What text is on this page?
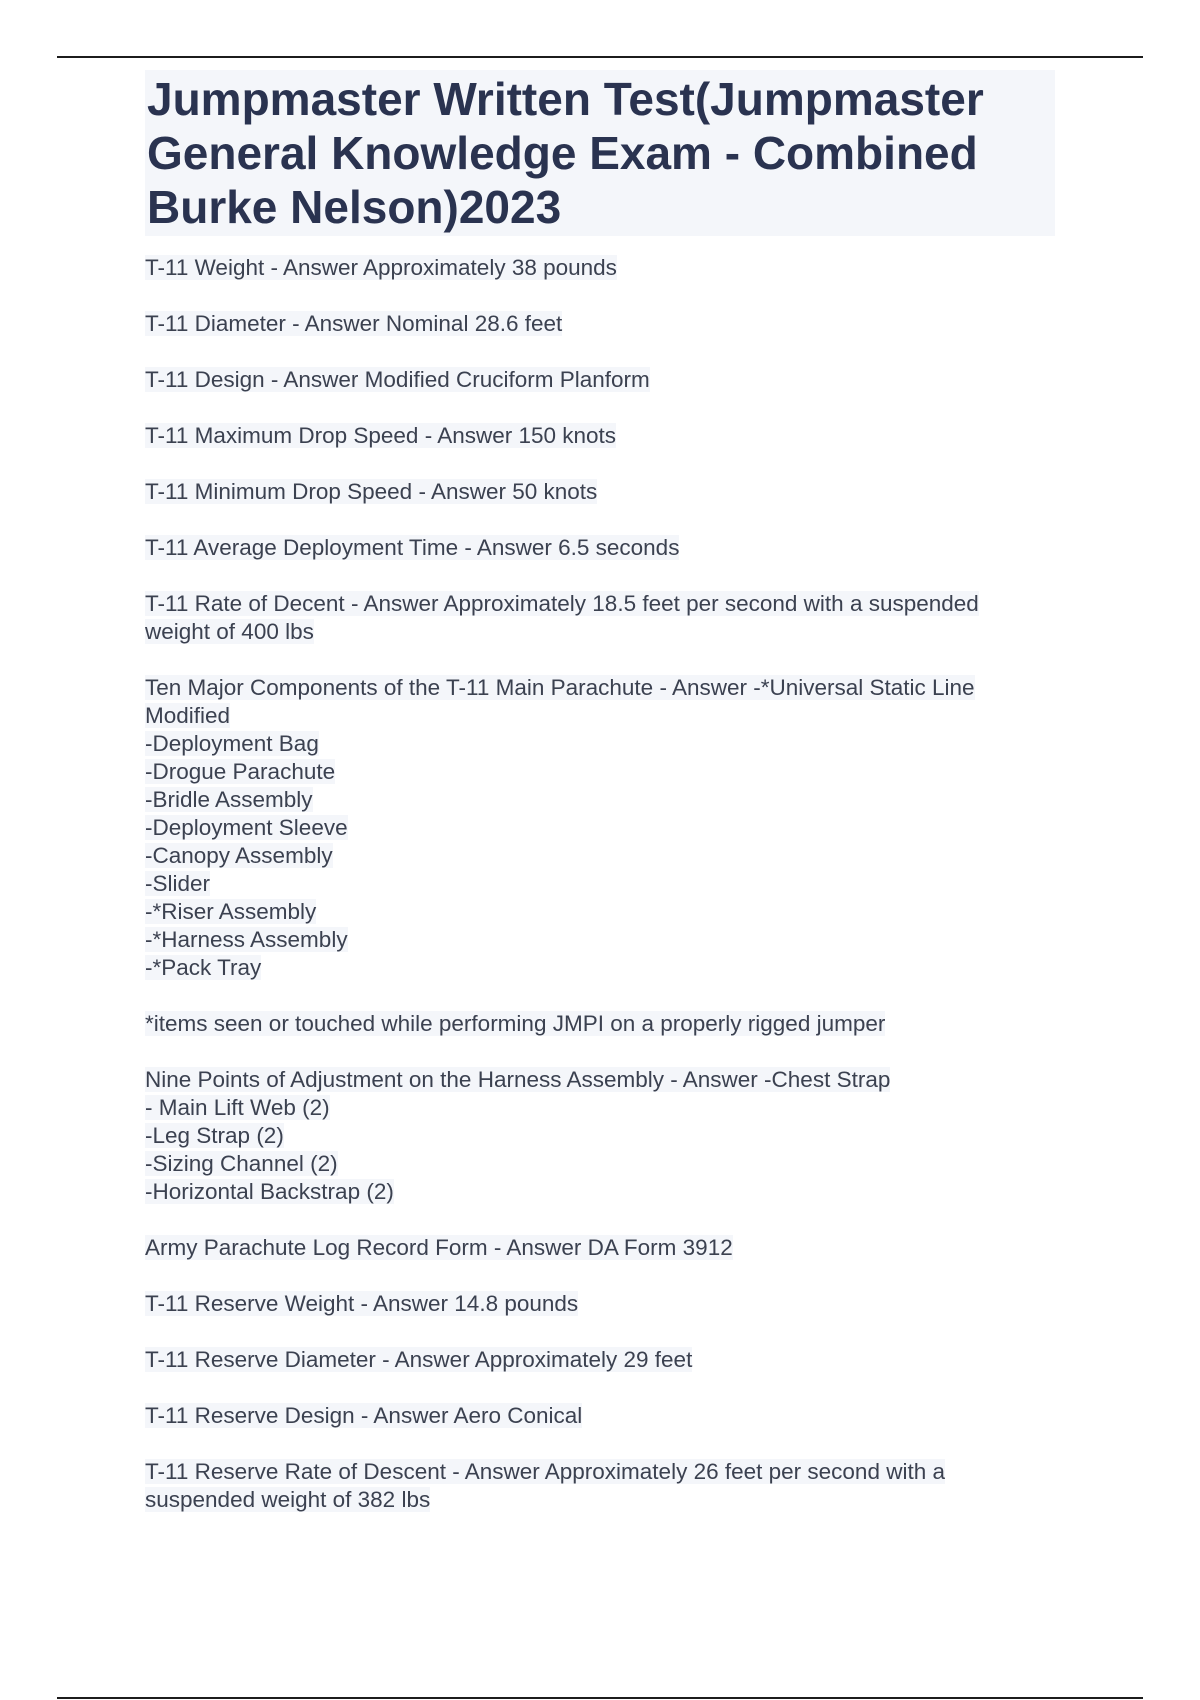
Jumpmaster Written Test(Jumpmaster General Knowledge Exam - Combined Burke Nelson)2023
T-11 Weight - Answer Approximately 38 pounds
T-11 Diameter - Answer Nominal 28.6 feet
T-11 Design - Answer Modified Cruciform Planform
T-11 Maximum Drop Speed - Answer 150 knots
T-11 Minimum Drop Speed - Answer 50 knots
T-11 Average Deployment Time - Answer 6.5 seconds
T-11 Rate of Decent - Answer Approximately 18.5 feet per second with a suspended
weight of 400 lbs
Ten Major Components of the T-11 Main Parachute - Answer -*Universal Static Line
Modified
-Deployment Bag
-Drogue Parachute
-Bridle Assembly
-Deployment Sleeve
-Canopy Assembly
-Slider
-*Riser Assembly
-*Harness Assembly
-*Pack Tray
*items seen or touched while performing JMPI on a properly rigged jumper
Nine Points of Adjustment on the Harness Assembly - Answer -Chest Strap
- Main Lift Web (2)
-Leg Strap (2)
-Sizing Channel (2)
-Horizontal Backstrap (2)
Army Parachute Log Record Form - Answer DA Form 3912
T-11 Reserve Weight - Answer 14.8 pounds
T-11 Reserve Diameter - Answer Approximately 29 feet
T-11 Reserve Design - Answer Aero Conical
T-11 Reserve Rate of Descent - Answer Approximately 26 feet per second with a
suspended weight of 382 lbs
